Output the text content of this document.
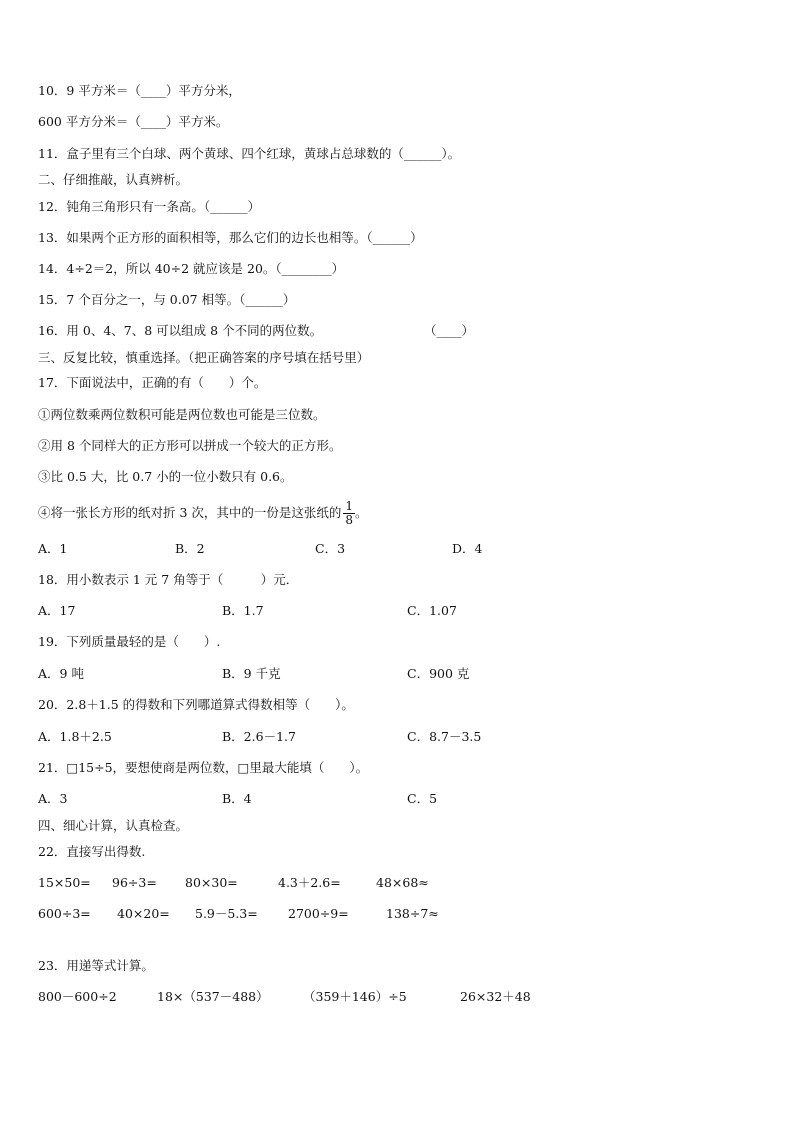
10．9 平方米＝（____）平方分米，
600 平方分米＝（____）平方米。
11．盒子里有三个白球、两个黄球、四个红球，黄球占总球数的（______）。
二、仔细推敲，认真辨析。
12．钝角三角形只有一条高。（______）
13．如果两个正方形的面积相等，那么它们的边长也相等。（______）
14．4÷2＝2，所以 40÷2 就应该是 20。（________）
15．7 个百分之一，与 0.07 相等。（______）
16．用 0、4、7、8 可以组成 8 个不同的两位数。	（____）
三、反复比较，慎重选择。（把正确答案的序号填在括号里）
17．下面说法中，正确的有（　　）个。
①两位数乘两位数积可能是两位数也可能是三位数。
②用 8 个同样大的正方形可以拼成一个较大的正方形。
③比 0.5 大，比 0.7 小的一位小数只有 0.6。
④将一张长方形的纸对折 3 次，其中的一份是这张纸的 $\frac{1}{8}$ 。
A．1	B．2	C．3	D．4
18．用小数表示 1 元 7 角等于（　　　）元．
A．17	B．1.7	C．1.07
19．下列质量最轻的是（　　）.
A．9 吨	B．9 千克	C．900 克
20．2.8＋1.5 的得数和下列哪道算式得数相等（　　）。
A．1.8＋2.5	B．2.6－1.7	C．8.7－3.5
21．□15÷5，要想使商是两位数，□里最大能填（　　）。
A．3	B．4	C．5
四、细心计算，认真检查。
22．直接写出得数.
15×50= 96÷3= 80×30=	4.3＋2.6=	48×68≈
600÷3= 40×20= 5.9－5.3= 2700÷9=	138÷7≈
23．用递等式计算。
800－600÷2	18×（537－488）	（359＋146）÷5	26×32＋48
